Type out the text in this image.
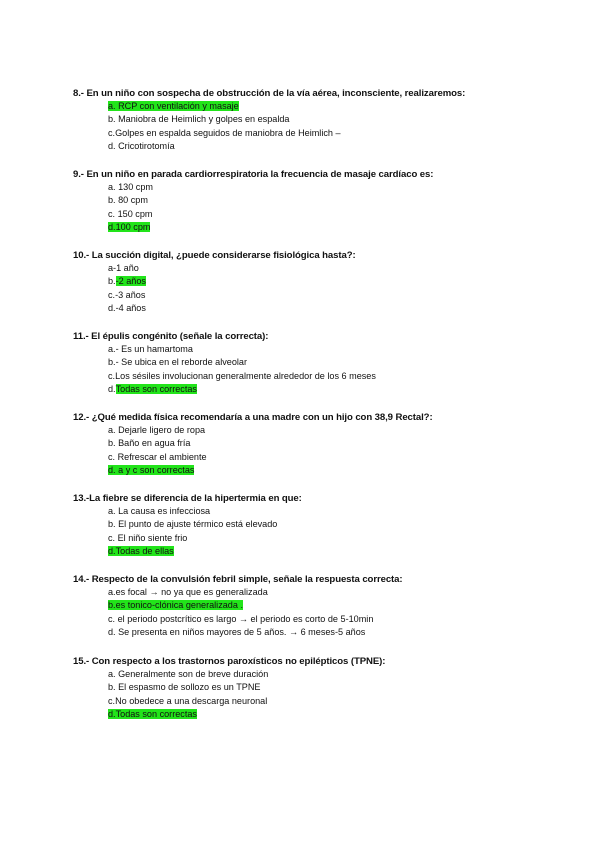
8.- En un niño con sospecha de obstrucción de la vía aérea, inconsciente, realizaremos:
a. RCP con ventilación y masaje
b. Maniobra de Heimlich y golpes en espalda
c.Golpes en espalda seguidos de maniobra de Heimlich –
d. Cricotirotomía
9.- En un niño en parada cardiorrespiratoria la frecuencia de masaje cardíaco es:
a. 130 cpm
b. 80 cpm
c. 150 cpm
d.100 cpm
10.- La succión digital, ¿puede considerarse fisiológica hasta?:
a-1 año
b.-2 años
c.-3 años
d.-4 años
11.- El épulis congénito (señale la correcta):
a.- Es un hamartoma
b.- Se ubica en el reborde alveolar
c.Los sésiles involucionan generalmente alrededor de los 6 meses
d.Todas son correctas
12.- ¿Qué medida física recomendaría a una madre con un hijo con 38,9 Rectal?:
a. Dejarle ligero de ropa
b. Baño en agua fría
c. Refrescar el ambiente
d. a y c son correctas
13.-La fiebre se diferencia de la hipertermia en que:
a. La causa es infecciosa
b. El punto de ajuste térmico está elevado
c. El niño siente frio
d.Todas de ellas
14.- Respecto de la convulsión febril simple, señale la respuesta correcta:
a.es focal → no ya que es generalizada
b.es tonico-clónica generalizada .
c. el periodo postcrítico es largo → el periodo es corto de 5-10min
d. Se presenta en niños mayores de 5 años. → 6 meses-5 años
15.- Con respecto a los trastornos paroxísticos no epilépticos (TPNE):
a. Generalmente son de breve duración
b. El espasmo de sollozo es un TPNE
c.No obedece a una descarga neuronal
d.Todas son correctas
